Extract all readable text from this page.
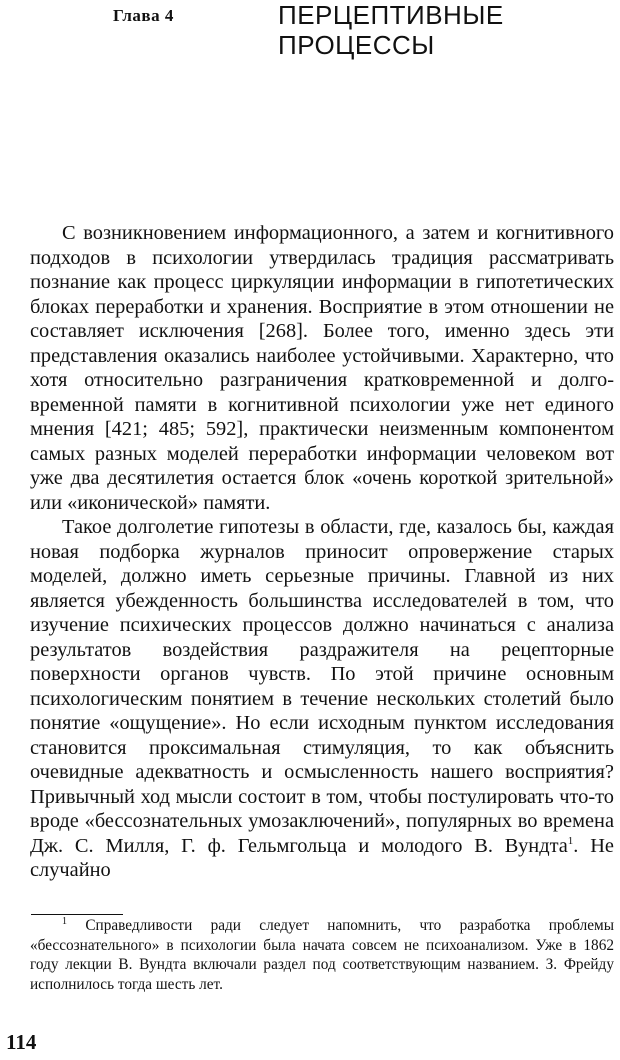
Глава 4	ПЕРЦЕПТИВНЫЕ
ПРОЦЕССЫ

С возникновением информационного, а затем и когнитивного подходов в психологии утвердилась традиция рассматривать познание как процесс циркуляции информации в гипотетических блоках переработки и хранения. Восприятие в этом отношении не составляет исключения [268]. Более того, именно здесь эти представления оказались наиболее устойчивыми. Характерно, что хотя относительно разграничения кратковременной и долговременной памяти в когнитивной психологии уже нет единого мнения [421; 485; 592], практически неизменным компонентом самых разных моделей переработки информации человеком вот уже два десятилетия остается блок «очень короткой зрительной» или «иконической» памяти.

Такое долголетие гипотезы в области, где, казалось бы, каждая новая подборка журналов приносит опровержение старых моделей, должно иметь серьезные причины. Главной из них является убежденность большинства исследователей в том, что изучение психических процессов должно начинаться с анализа результатов воздействия раздражителя на рецепторные поверхности органов чувств. По этой причине основным психологическим понятием в течение нескольких столетий было понятие «ощущение». Но если исходным пунктом исследования становится проксимальная стимуляция, то как объяснить очевидные адекватность и осмысленность нашего восприятия? Привычный ход мысли состоит в том, чтобы постулировать что-то вроде «бессознательных умозаключений», популярных во времена Дж. С. Милля, Г. ф. Гельмгольца и молодого В. Вундта$^1$. Не случайно

$^1$ Справедливости ради следует напомнить, что разработка проблемы «бессознательного» в психологии была начата совсем не психоанализом. Уже в 1862 году лекции В. Вундта включали раздел под соответствующим названием. З. Фрейду исполнилось тогда шесть лет.

114
